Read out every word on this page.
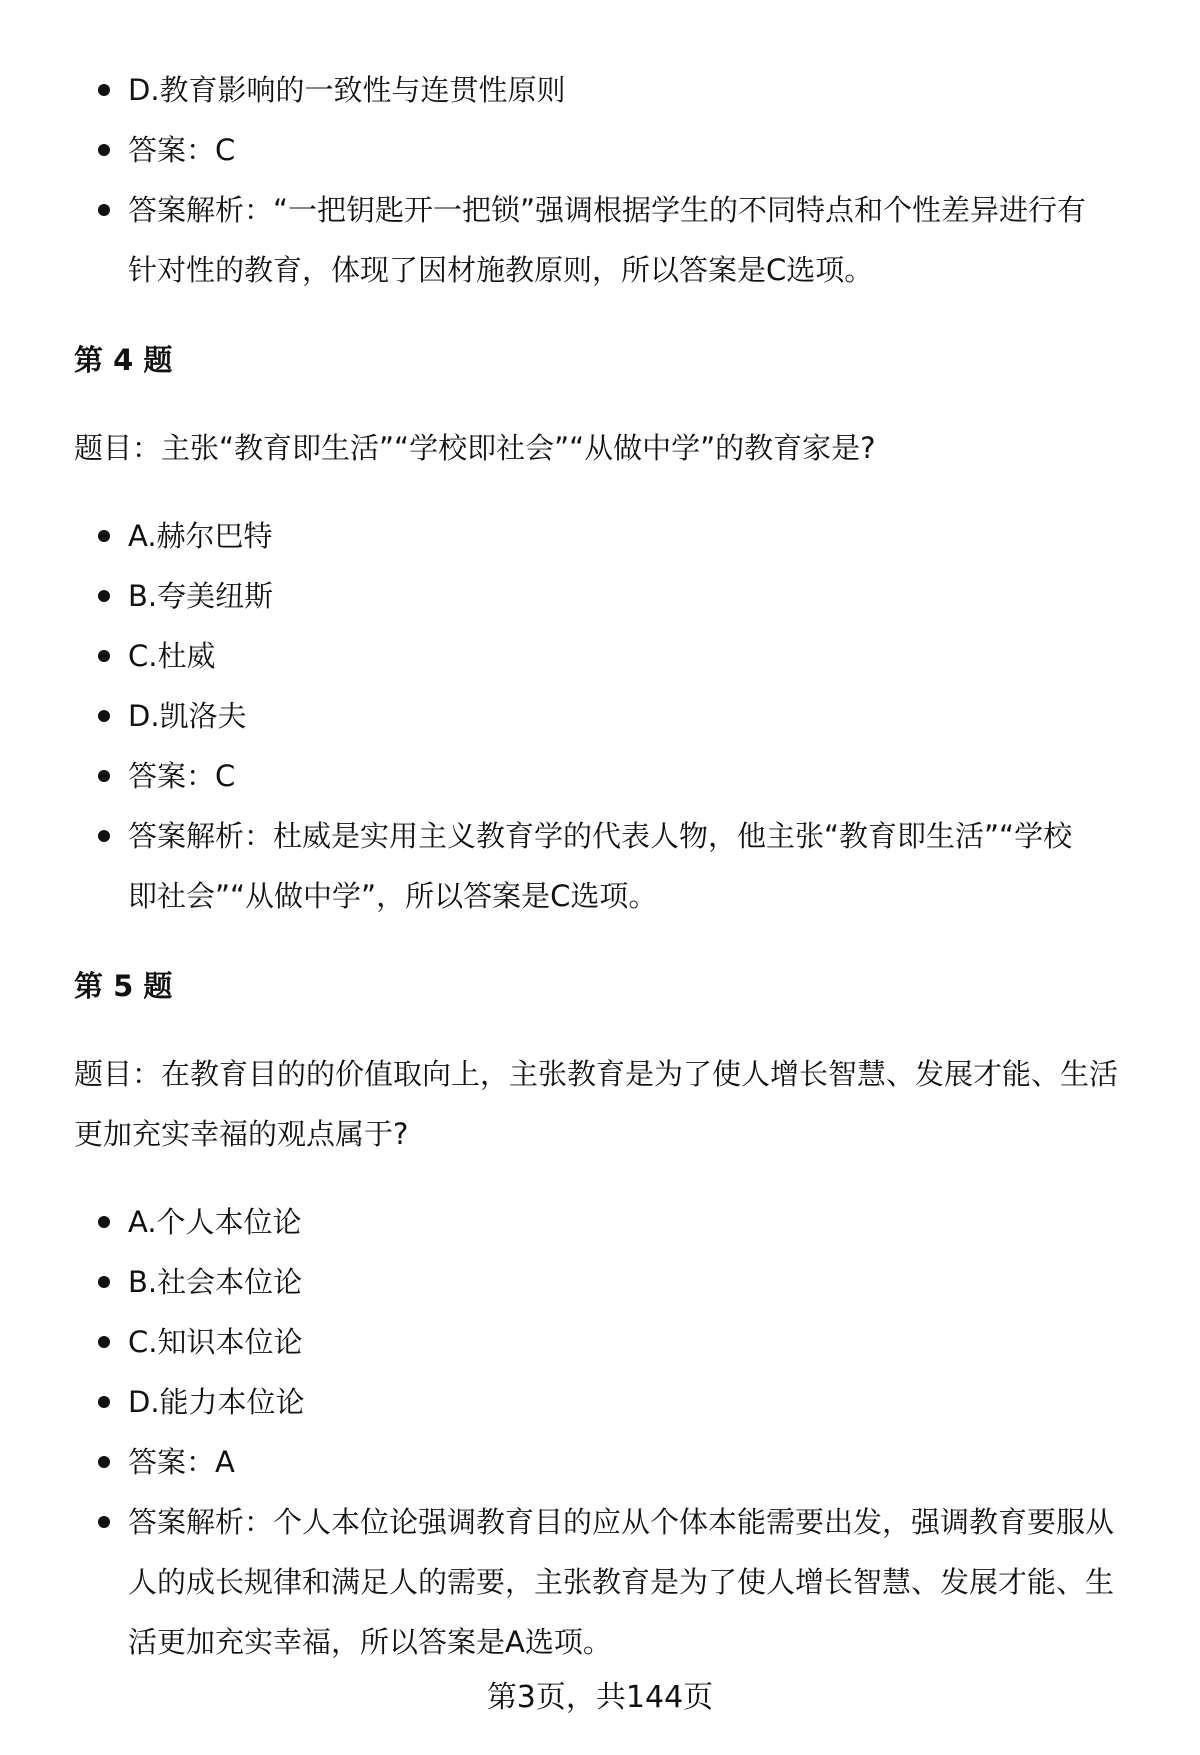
D.教育影响的一致性与连贯性原则
答案：C
答案解析：“一把钥匙开一把锁”强调根据学生的不同特点和个性差异进行有
针对性的教育，体现了因材施教原则，所以答案是C选项。
第 4 题
题目：主张“教育即生活”“学校即社会”“从做中学”的教育家是?
A.赫尔巴特
B.夸美纽斯
C.杜威
D.凯洛夫
答案：C
答案解析：杜威是实用主义教育学的代表人物，他主张“教育即生活”“学校
即社会”“从做中学”，所以答案是C选项。
第 5 题
题目：在教育目的的价值取向上，主张教育是为了使人增长智慧、发展才能、生活
更加充实幸福的观点属于?
A.个人本位论
B.社会本位论
C.知识本位论
D.能力本位论
答案：A
答案解析：个人本位论强调教育目的应从个体本能需要出发，强调教育要服从
人的成长规律和满足人的需要，主张教育是为了使人增长智慧、发展才能、生
活更加充实幸福，所以答案是A选项。
第3页，共144页
